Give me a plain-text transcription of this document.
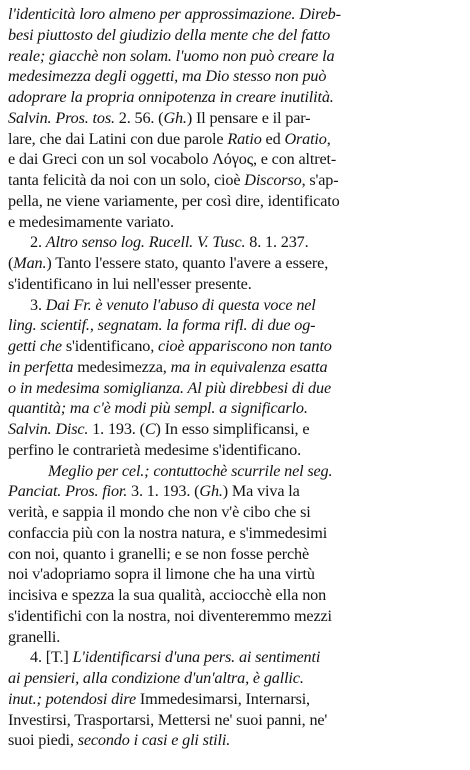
l'identicità loro almeno per approssimazione. Direb-
besi piuttosto del giudizio della mente che del fatto
reale; giacchè non solam. l'uomo non può creare la
medesimezza degli oggetti, ma Dio stesso non può
adoprare la propria onnipotenza in creare inutilità.
Salvin. Pros. tos. 2. 56. (Gh.) Il pensare e il par-
lare, che dai Latini con due parole Ratio ed Oratio,
e dai Greci con un sol vocabolo Λόγος, e con altret-
tanta felicità da noi con un solo, cioè Discorso, s'ap-
pella, ne viene variamente, per così dire, identificato
e medesimamente variato.
2. Altro senso log. Rucell. V. Tusc. 8. 1. 237.
(Man.) Tanto l'essere stato, quanto l'avere a essere,
s'identificano in lui nell'esser presente.
3. Dai Fr. è venuto l'abuso di questa voce nel
ling. scientif., segnatam. la forma rifl. di due og-
getti che s'identificano, cioè appariscono non tanto
in perfetta medesimezza, ma in equivalenza esatta
o in medesima somiglianza. Al più direbbesi di due
quantità; ma c'è modi più sempl. a significarlo.
Salvin. Disc. 1. 193. (C) In esso simplificansi, e
perfino le contrarietà medesime s'identificano.
Meglio per cel.; contuttochè scurrile nel seg.
Panciat. Pros. fior. 3. 1. 193. (Gh.) Ma viva la
verità, e sappia il mondo che non v'è cibo che si
confaccia più con la nostra natura, e s'immedesimi
con noi, quanto i granelli; e se non fosse perchè
noi v'adopriamo sopra il limone che ha una virtù
incisiva e spezza la sua qualità, acciocchè ella non
s'identifichi con la nostra, noi diventeremmo mezzi
granelli.
4. [T.] L'identificarsi d'una pers. ai sentimenti
ai pensieri, alla condizione d'un'altra, è gallic.
inut.; potendosi dire Immedesimarsi, Internarsi,
Investirsi, Trasportarsi, Mettersi ne' suoi panni, ne'
suoi piedi, secondo i casi e gli stili.
